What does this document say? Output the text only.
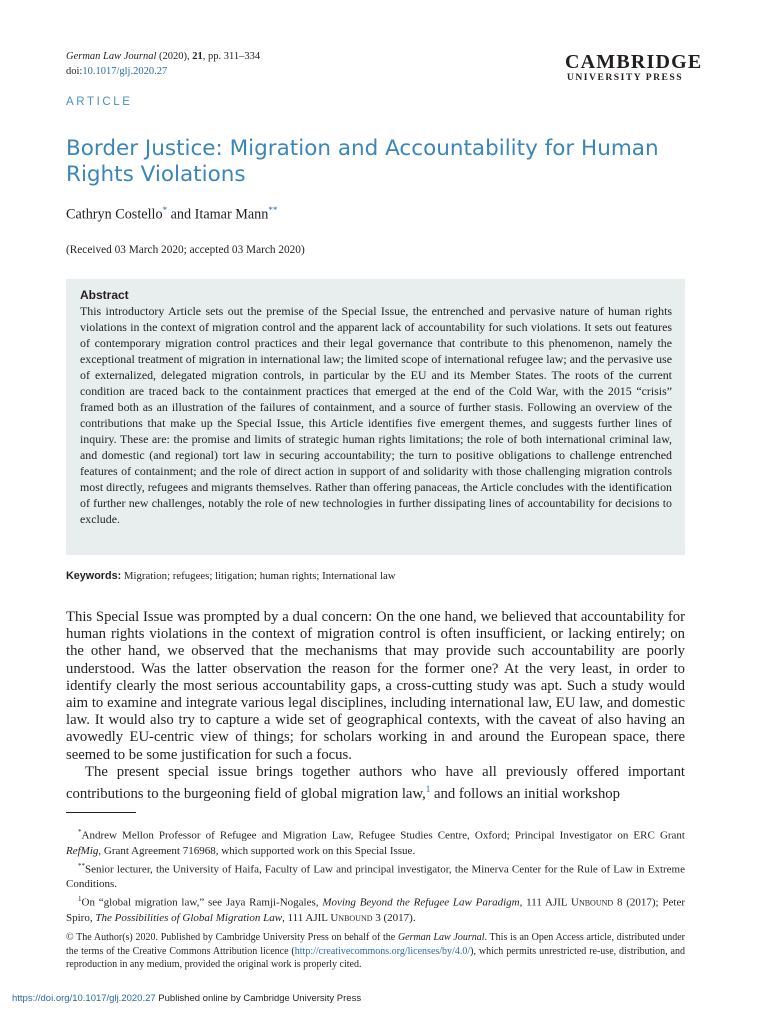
German Law Journal (2020), 21, pp. 311–334
doi:10.1017/glj.2020.27	CAMBRIDGE
UNIVERSITY PRESS
ARTICLE
Border Justice: Migration and Accountability for Human Rights Violations
Cathryn Costello* and Itamar Mann**
(Received 03 March 2020; accepted 03 March 2020)
Abstract
This introductory Article sets out the premise of the Special Issue, the entrenched and pervasive nature of human rights violations in the context of migration control and the apparent lack of accountability for such violations. It sets out features of contemporary migration control practices and their legal governance that contribute to this phenomenon, namely the exceptional treatment of migration in international law; the limited scope of international refugee law; and the pervasive use of externalized, delegated migration controls, in particular by the EU and its Member States. The roots of the current condition are traced back to the containment practices that emerged at the end of the Cold War, with the 2015 “crisis” framed both as an illustration of the failures of containment, and a source of further stasis. Following an overview of the contributions that make up the Special Issue, this Article identifies five emergent themes, and suggests further lines of inquiry. These are: the promise and limits of strategic human rights limitations; the role of both international criminal law, and domestic (and regional) tort law in securing accountability; the turn to positive obligations to challenge entrenched features of containment; and the role of direct action in support of and solidarity with those challenging migration controls most directly, refugees and migrants themselves. Rather than offering panaceas, the Article concludes with the identification of further new challenges, notably the role of new technologies in further dissipating lines of accountability for decisions to exclude.
Keywords: Migration; refugees; litigation; human rights; International law

This Special Issue was prompted by a dual concern: On the one hand, we believed that accountability for human rights violations in the context of migration control is often insufficient, or lacking entirely; on the other hand, we observed that the mechanisms that may provide such accountability are poorly understood. Was the latter observation the reason for the former one? At the very least, in order to identify clearly the most serious accountability gaps, a cross-cutting study was apt. Such a study would aim to examine and integrate various legal disciplines, including international law, EU law, and domestic law. It would also try to capture a wide set of geographical contexts, with the caveat of also having an avowedly EU-centric view of things; for scholars working in and around the European space, there seemed to be some justification for such a focus.

The present special issue brings together authors who have all previously offered important contributions to the burgeoning field of global migration law,$^1$ and follows an initial workshop

*Andrew Mellon Professor of Refugee and Migration Law, Refugee Studies Centre, Oxford; Principal Investigator on ERC Grant RefMig, Grant Agreement 716968, which supported work on this Special Issue.

**Senior lecturer, the University of Haifa, Faculty of Law and principal investigator, the Minerva Center for the Rule of Law in Extreme Conditions.

$^1$On “global migration law,” see Jaya Ramji-Nogales, Moving Beyond the Refugee Law Paradigm, 111 AJIL Unbound 8 (2017); Peter Spiro, The Possibilities of Global Migration Law, 111 AJIL Unbound 3 (2017).

© The Author(s) 2020. Published by Cambridge University Press on behalf of the German Law Journal. This is an Open Access article, distributed under the terms of the Creative Commons Attribution licence (http://creativecommons.org/licenses/by/4.0/), which permits unrestricted re-use, distribution, and reproduction in any medium, provided the original work is properly cited.
https://doi.org/10.1017/glj.2020.27 Published online by Cambridge University Press
